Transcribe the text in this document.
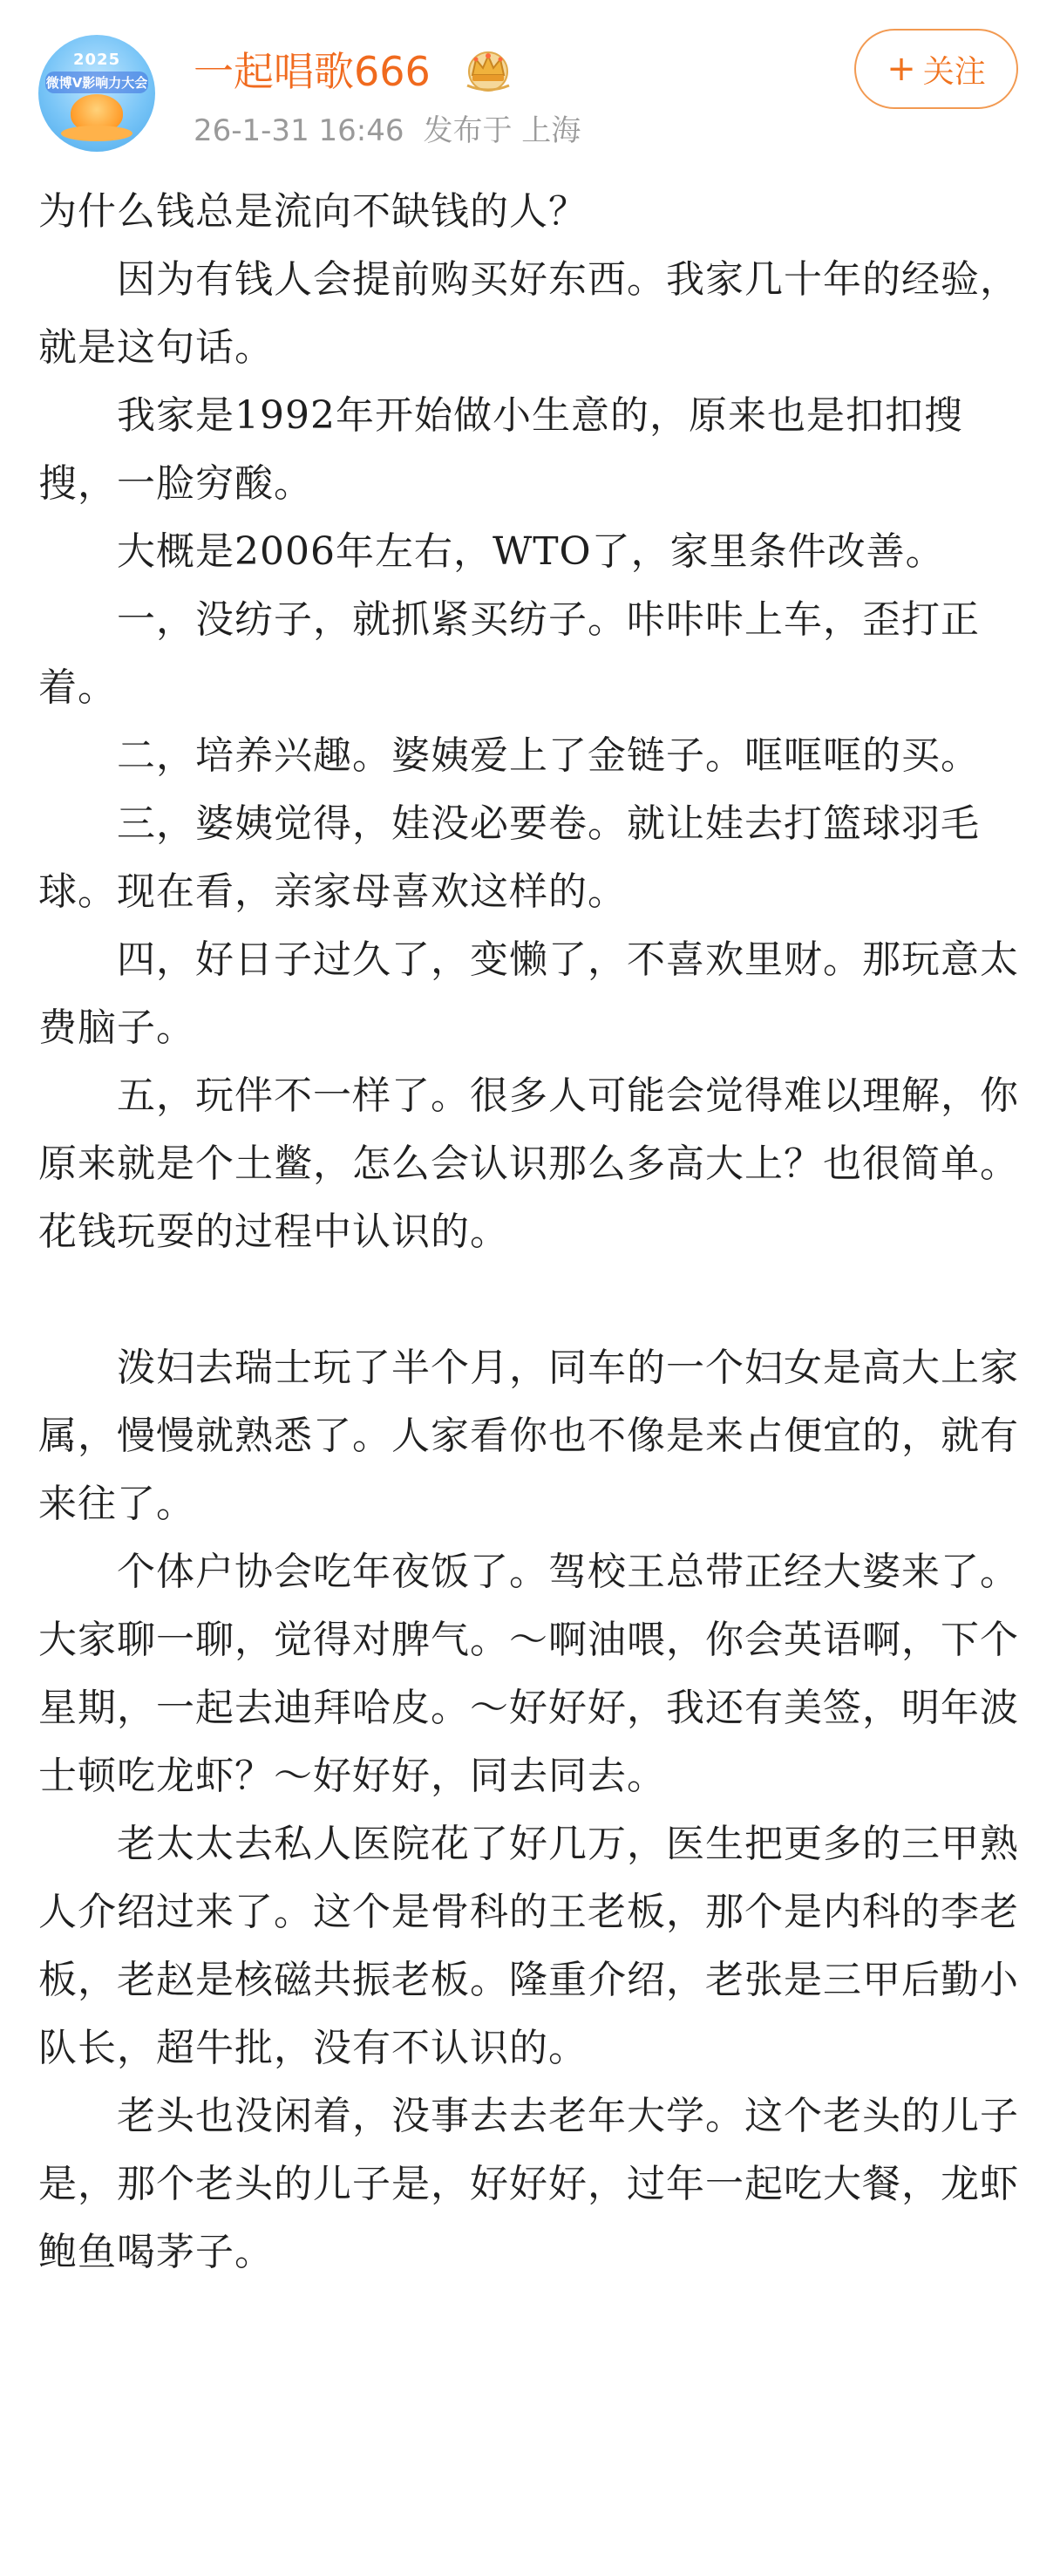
2025
微博V影响力大会 一起唱歌666
26-1-31 16:46 发布于 上海
+ 关注

为什么钱总是流向不缺钱的人？

　　因为有钱人会提前购买好东西。我家几十年的经验，就是这句话。

　　我家是1992年开始做小生意的，原来也是扣扣搜搜，一脸穷酸。

　　大概是2006年左右，WTO了，家里条件改善。

　　一，没纺子，就抓紧买纺子。咔咔咔上车，歪打正着。

　　二，培养兴趣。婆姨爱上了金链子。哐哐哐的买。

　　三，婆姨觉得，娃没必要卷。就让娃去打篮球羽毛球。现在看，亲家母喜欢这样的。

　　四，好日子过久了，变懒了，不喜欢里财。那玩意太费脑子。

　　五，玩伴不一样了。很多人可能会觉得难以理解，你原来就是个土鳖，怎么会认识那么多高大上？也很简单。花钱玩耍的过程中认识的。

　　泼妇去瑞士玩了半个月，同车的一个妇女是高大上家属，慢慢就熟悉了。人家看你也不像是来占便宜的，就有来往了。

　　个体户协会吃年夜饭了。驾校王总带正经大婆来了。大家聊一聊，觉得对脾气。～啊油喂，你会英语啊，下个星期，一起去迪拜哈皮。～好好好，我还有美签，明年波士顿吃龙虾？～好好好，同去同去。

　　老太太去私人医院花了好几万，医生把更多的三甲熟人介绍过来了。这个是骨科的王老板，那个是内科的李老板，老赵是核磁共振老板。隆重介绍，老张是三甲后勤小队长，超牛批，没有不认识的。

　　老头也没闲着，没事去去老年大学。这个老头的儿子是，那个老头的儿子是，好好好，过年一起吃大餐，龙虾鲍鱼喝茅子。
